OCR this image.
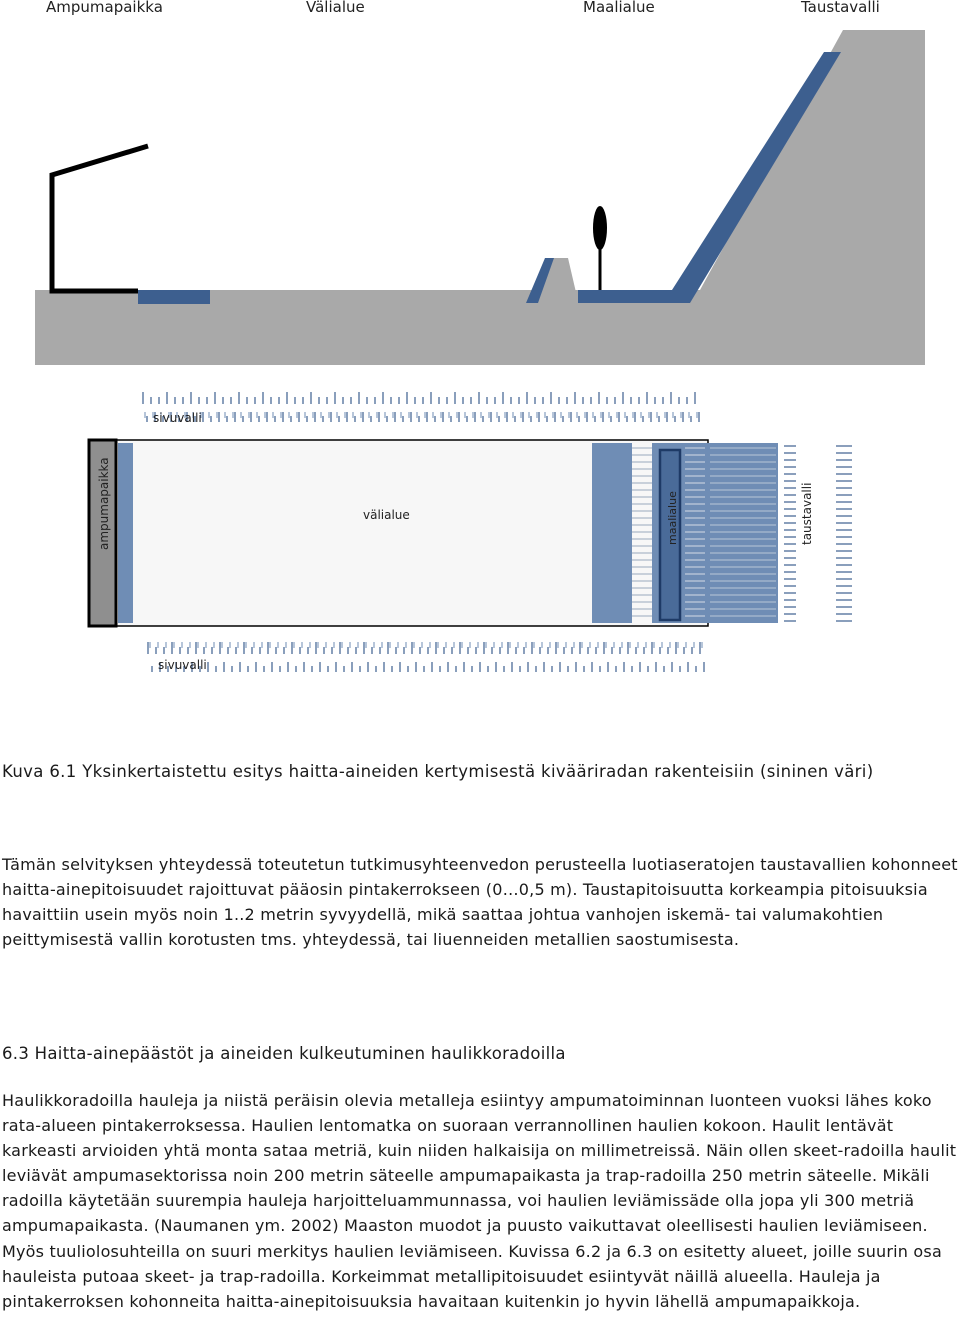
Ampumapaikka	Välialue	Maalialue	Taustavalli
sivuvalli
sivuvalli
ampumapaikka	välialue	maalialue	taustavalli
Kuva 6.1 Yksinkertaistettu esitys haitta-aineiden kertymisestä kivääriradan rakenteisiin (sininen väri)

Tämän selvityksen yhteydessä toteutetun tutkimusyhteenvedon perusteella luotiaseratojen taustavallien kohonneet haitta-ainepitoisuudet rajoittuvat pääosin pintakerrokseen (0…0,5 m). Taustapitoisuutta korkeampia pitoisuuksia havaittiin usein myös noin 1..2 metrin syvyydellä, mikä saattaa johtua vanhojen iskemä- tai valumakohtien peittymisestä vallin korotusten tms. yhteydessä, tai liuenneiden metallien saostumisesta.

6.3 Haitta-ainepäästöt ja aineiden kulkeutuminen haulikkoradoilla

Haulikkoradoilla hauleja ja niistä peräisin olevia metalleja esiintyy ampumatoiminnan luonteen vuoksi lähes koko rata-alueen pintakerroksessa. Haulien lentomatka on suoraan verrannollinen haulien kokoon. Haulit lentävät karkeasti arvioiden yhtä monta sataa metriä, kuin niiden halkaisija on millimetreissä. Näin ollen skeet-radoilla haulit leviävät ampumasektorissa noin 200 metrin säteelle ampumapaikasta ja trap-radoilla 250 metrin säteelle. Mikäli radoilla käytetään suurempia hauleja harjoitteluammunnassa, voi haulien leviämissäde olla jopa yli 300 metriä ampumapaikasta. (Naumanen ym. 2002) Maaston muodot ja puusto vaikuttavat oleellisesti haulien leviämiseen. Myös tuuliolosuhteilla on suuri merkitys haulien leviämiseen. Kuvissa 6.2 ja 6.3 on esitetty alueet, joille suurin osa hauleista putoaa skeet- ja trap-radoilla. Korkeimmat metallipitoisuudet esiintyvät näillä alueella. Hauleja ja pintakerroksen kohonneita haitta-ainepitoisuuksia havaitaan kuitenkin jo hyvin lähellä ampumapaikkoja.
